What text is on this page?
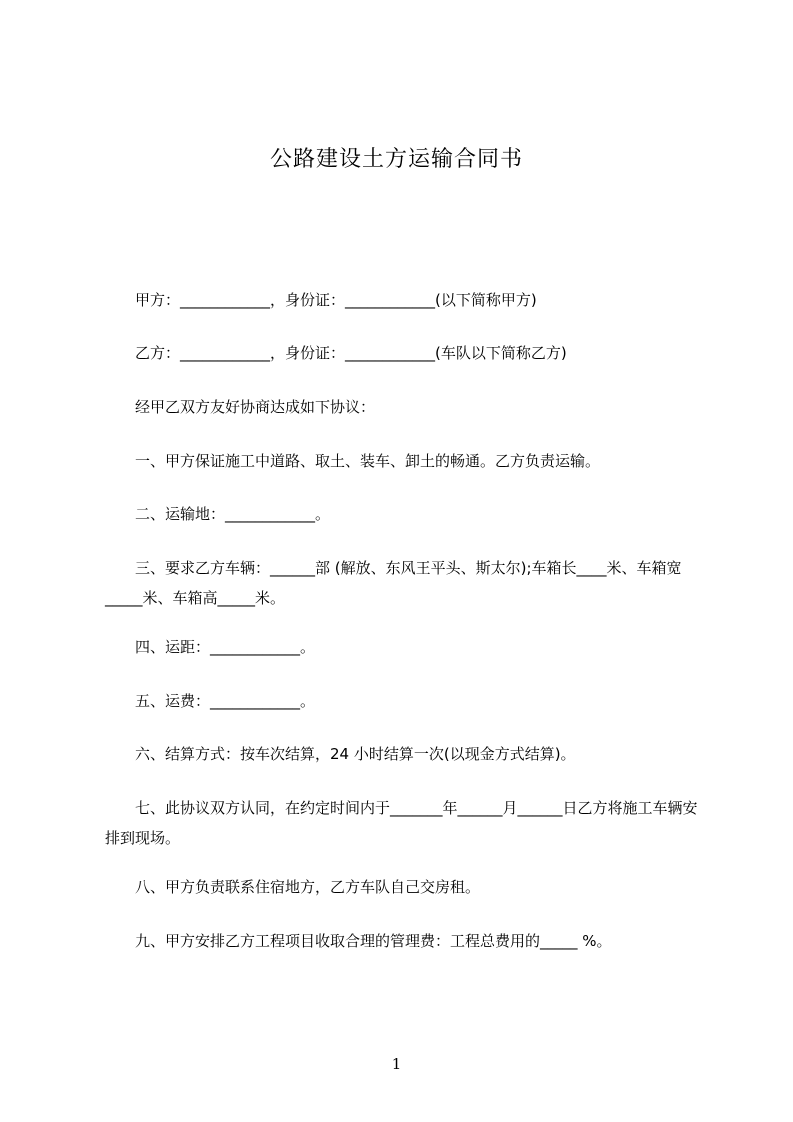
公路建设土方运输合同书

　　甲方：____________，身份证：____________(以下简称甲方)

　　乙方：____________，身份证：____________(车队以下简称乙方)

　　经甲乙双方友好协商达成如下协议：

　　一、甲方保证施工中道路、取土、装车、卸土的畅通。乙方负责运输。

　　二、运输地：____________。

　　三、要求乙方车辆：______部 (解放、东风王平头、斯太尔);车箱长____米、车箱宽_____米、车箱高_____米。

　　四、运距：____________。

　　五、运费：____________。

　　六、结算方式：按车次结算，24 小时结算一次(以现金方式结算)。

　　七、此协议双方认同，在约定时间内于_______年______月______日乙方将施工车辆安排到现场。

　　八、甲方负责联系住宿地方，乙方车队自己交房租。

　　九、甲方安排乙方工程项目收取合理的管理费：工程总费用的_____ %。

1
